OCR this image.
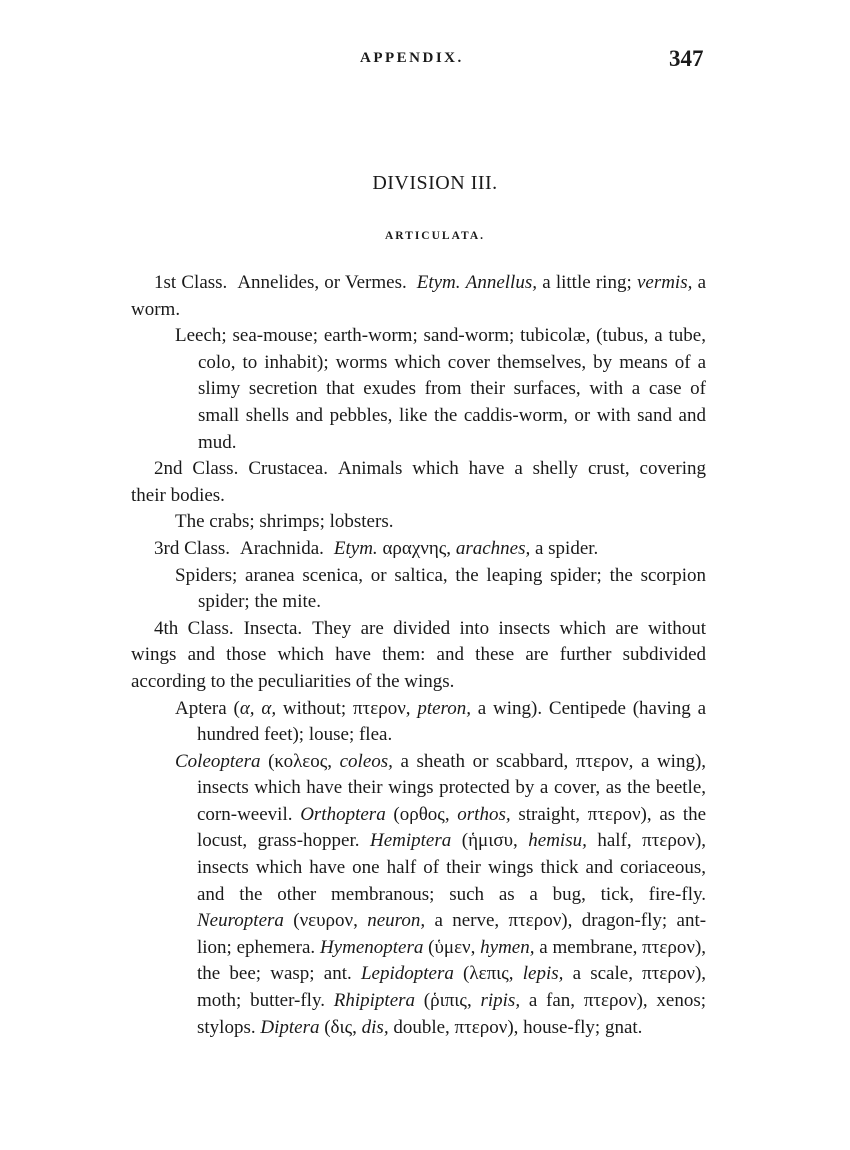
APPENDIX.	347
DIVISION III.
ARTICULATA.

1st Class. Annelides, or Vermes. Etym. Annellus, a little ring; vermis, a worm.

Leech; sea-mouse; earth-worm; sand-worm; tubicolæ, (tubus, a tube, colo, to inhabit); worms which cover themselves, by means of a slimy secretion that exudes from their surfaces, with a case of small shells and pebbles, like the caddis-worm, or with sand and mud.

2nd Class. Crustacea. Animals which have a shelly crust, covering their bodies.

The crabs; shrimps; lobsters.

3rd Class. Arachnida. Etym. αραχνης, arachnes, a spider.

Spiders; aranea scenica, or saltica, the leaping spider; the scorpion spider; the mite.

4th Class. Insecta. They are divided into insects which are without wings and those which have them: and these are further subdivided according to the peculiarities of the wings.

Aptera (α, α, without; πτερον, pteron, a wing). Centipede (having a hundred feet); louse; flea.

Coleoptera (κολεος, coleos, a sheath or scabbard, πτερον, a wing), insects which have their wings protected by a cover, as the beetle, corn-weevil. Orthoptera (ορθος, orthos, straight, πτερον), as the locust, grass-hopper. Hemiptera (ἡμισυ, hemisu, half, πτερον), insects which have one half of their wings thick and coriaceous, and the other membranous; such as a bug, tick, fire-fly. Neuroptera (νευρον, neuron, a nerve, πτερον), dragon-fly; ant-lion; ephemera. Hymenoptera (ὑμεν, hymen, a membrane, πτερον), the bee; wasp; ant. Lepidoptera (λεπις, lepis, a scale, πτερον), moth; butter-fly. Rhipiptera (ῥιπις, ripis, a fan, πτερον), xenos; stylops. Diptera (δις, dis, double, πτερον), house-fly; gnat.
